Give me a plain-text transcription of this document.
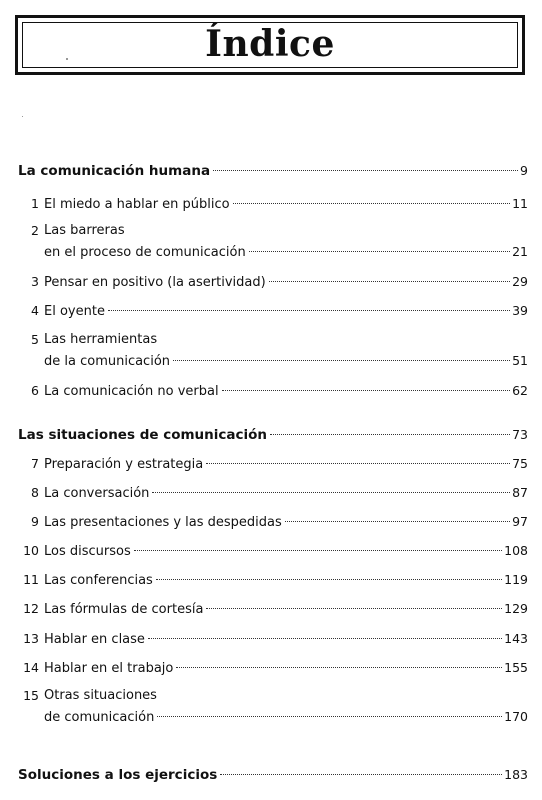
Índice
La comunicación humana	9
1 El miedo a hablar en público	11
2 Las barreras
en el proceso de comunicación	21
3 Pensar en positivo (la asertividad)	29
4 El oyente	39
5 Las herramientas
de la comunicación	51
6 La comunicación no verbal	62
Las situaciones de comunicación	73
7 Preparación y estrategia	75
8 La conversación	87
9 Las presentaciones y las despedidas	97
10 Los discursos	108
11 Las conferencias	119
12 Las fórmulas de cortesía	129
13 Hablar en clase	143
14 Hablar en el trabajo	155
15 Otras situaciones
de comunicación	170
Soluciones a los ejercicios	183
